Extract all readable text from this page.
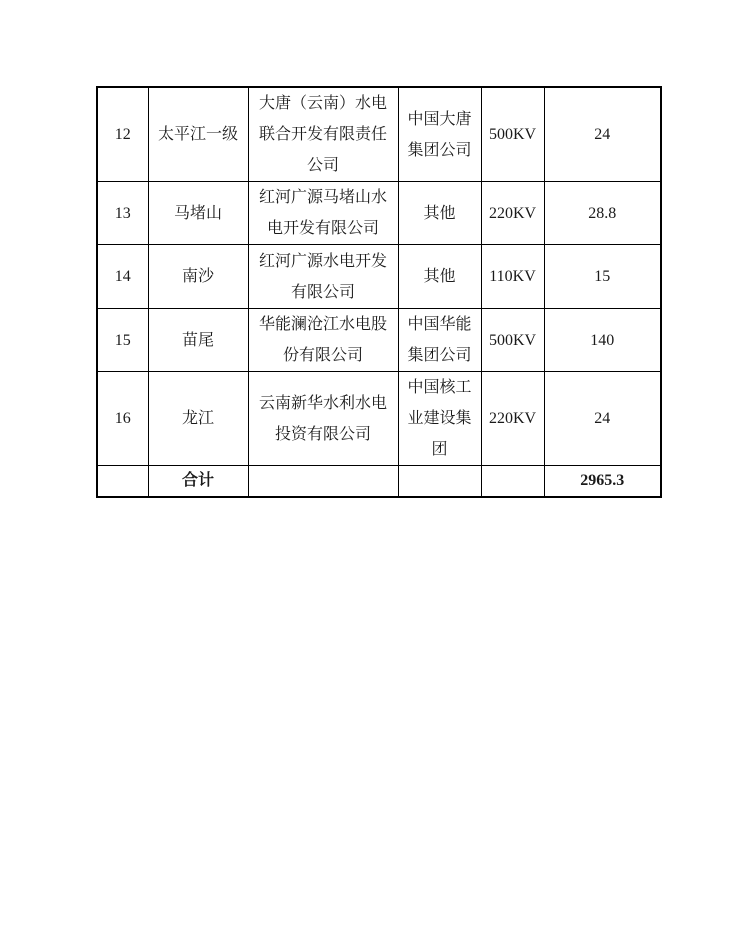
12	太平江一级	大唐（云南）水电联合开发有限责任公司	中国大唐集团公司	500KV	24
13	马堵山	红河广源马堵山水电开发有限公司	其他	220KV	28.8
14	南沙	红河广源水电开发有限公司	其他	110KV	15
15	苗尾	华能澜沧江水电股份有限公司	中国华能集团公司	500KV	140
16	龙江	云南新华水利水电投资有限公司	中国核工业建设集团	220KV	24
	合计				2965.3
